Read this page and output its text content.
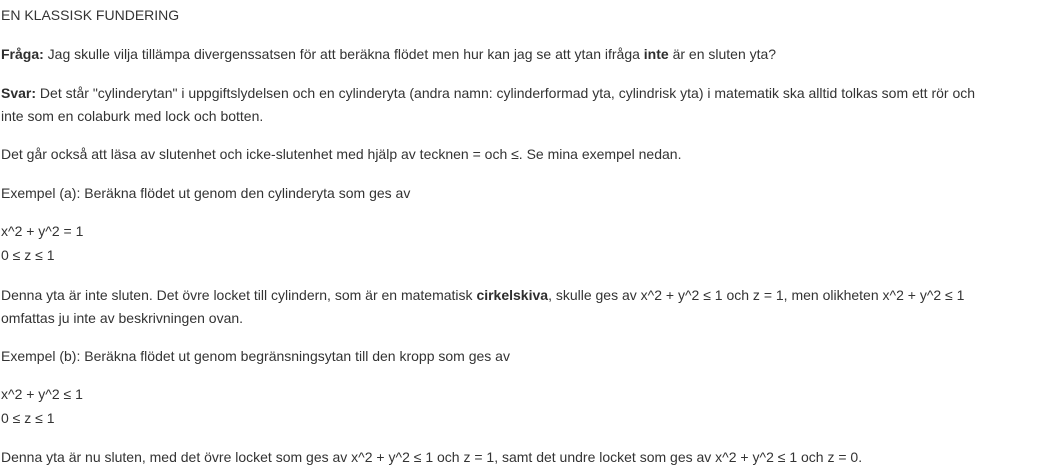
EN KLASSISK FUNDERING
Fråga: Jag skulle vilja tillämpa divergenssatsen för att beräkna flödet men hur kan jag se att ytan ifråga inte är en sluten yta?
Svar: Det står "cylinderytan" i uppgiftslydelsen och en cylinderyta (andra namn: cylinderformad yta, cylindrisk yta) i matematik ska alltid tolkas som ett rör och
inte som en colaburk med lock och botten.
Det går också att läsa av slutenhet och icke-slutenhet med hjälp av tecknen = och ≤. Se mina exempel nedan.
Exempel (a): Beräkna flödet ut genom den cylinderyta som ges av
x^2 + y^2 = 1
0 ≤ z ≤ 1
Denna yta är inte sluten. Det övre locket till cylindern, som är en matematisk cirkelskiva, skulle ges av x^2 + y^2 ≤ 1 och z = 1, men olikheten x^2 + y^2 ≤ 1
omfattas ju inte av beskrivningen ovan.
Exempel (b): Beräkna flödet ut genom begränsningsytan till den kropp som ges av
x^2 + y^2 ≤ 1
0 ≤ z ≤ 1
Denna yta är nu sluten, med det övre locket som ges av x^2 + y^2 ≤ 1 och z = 1, samt det undre locket som ges av x^2 + y^2 ≤ 1 och z = 0.
